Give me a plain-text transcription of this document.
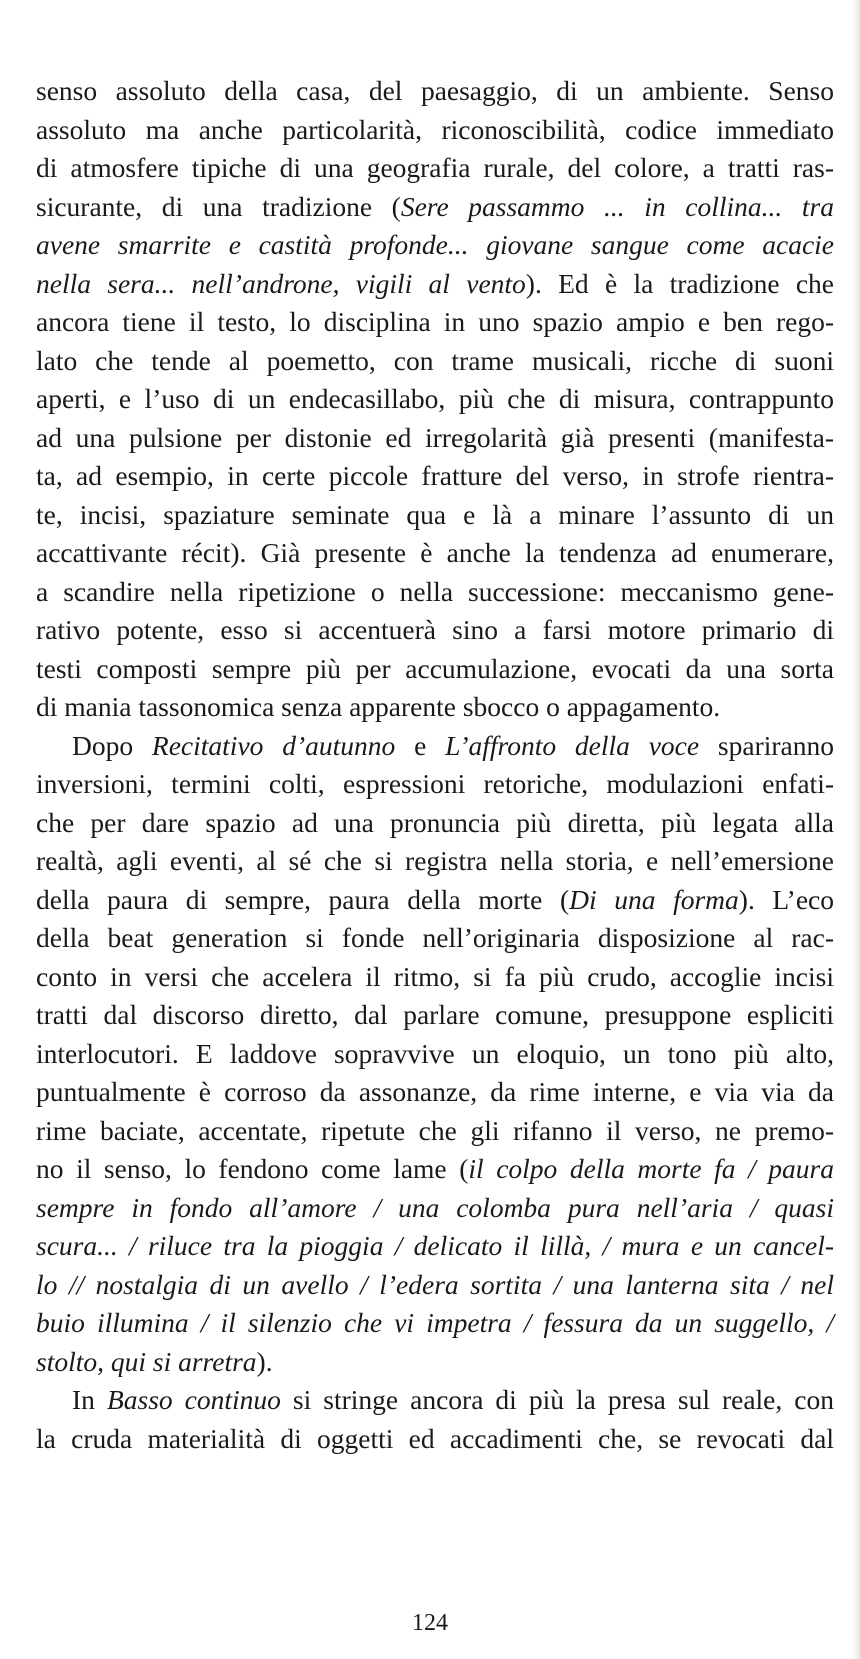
senso assoluto della casa, del paesaggio, di un ambiente. Senso
assoluto ma anche particolarità, riconoscibilità, codice immediato
di atmosfere tipiche di una geografia rurale, del colore, a tratti ras-
sicurante, di una tradizione (Sere passammo ... in collina... tra
avene smarrite e castità profonde... giovane sangue come acacie
nella sera... nell’androne, vigili al vento). Ed è la tradizione che
ancora tiene il testo, lo disciplina in uno spazio ampio e ben rego-
lato che tende al poemetto, con trame musicali, ricche di suoni
aperti, e l’uso di un endecasillabo, più che di misura, contrappunto
ad una pulsione per distonie ed irregolarità già presenti (manifesta-
ta, ad esempio, in certe piccole fratture del verso, in strofe rientra-
te, incisi, spaziature seminate qua e là a minare l’assunto di un
accattivante récit). Già presente è anche la tendenza ad enumerare,
a scandire nella ripetizione o nella successione: meccanismo gene-
rativo potente, esso si accentuerà sino a farsi motore primario di
testi composti sempre più per accumulazione, evocati da una sorta
di mania tassonomica senza apparente sbocco o appagamento.
Dopo Recitativo d’autunno e L’affronto della voce spariranno
inversioni, termini colti, espressioni retoriche, modulazioni enfati-
che per dare spazio ad una pronuncia più diretta, più legata alla
realtà, agli eventi, al sé che si registra nella storia, e nell’emersione
della paura di sempre, paura della morte (Di una forma). L’eco
della beat generation si fonde nell’originaria disposizione al rac-
conto in versi che accelera il ritmo, si fa più crudo, accoglie incisi
tratti dal discorso diretto, dal parlare comune, presuppone espliciti
interlocutori. E laddove sopravvive un eloquio, un tono più alto,
puntualmente è corroso da assonanze, da rime interne, e via via da
rime baciate, accentate, ripetute che gli rifanno il verso, ne premo-
no il senso, lo fendono come lame (il colpo della morte fa / paura
sempre in fondo all’amore / una colomba pura nell’aria / quasi
scura... / riluce tra la pioggia / delicato il lillà, / mura e un cancel-
lo // nostalgia di un avello / l’edera sortita / una lanterna sita / nel
buio illumina / il silenzio che vi impetra / fessura da un suggello, /
stolto, qui si arretra).
In Basso continuo si stringe ancora di più la presa sul reale, con
la cruda materialità di oggetti ed accadimenti che, se revocati dal
124
